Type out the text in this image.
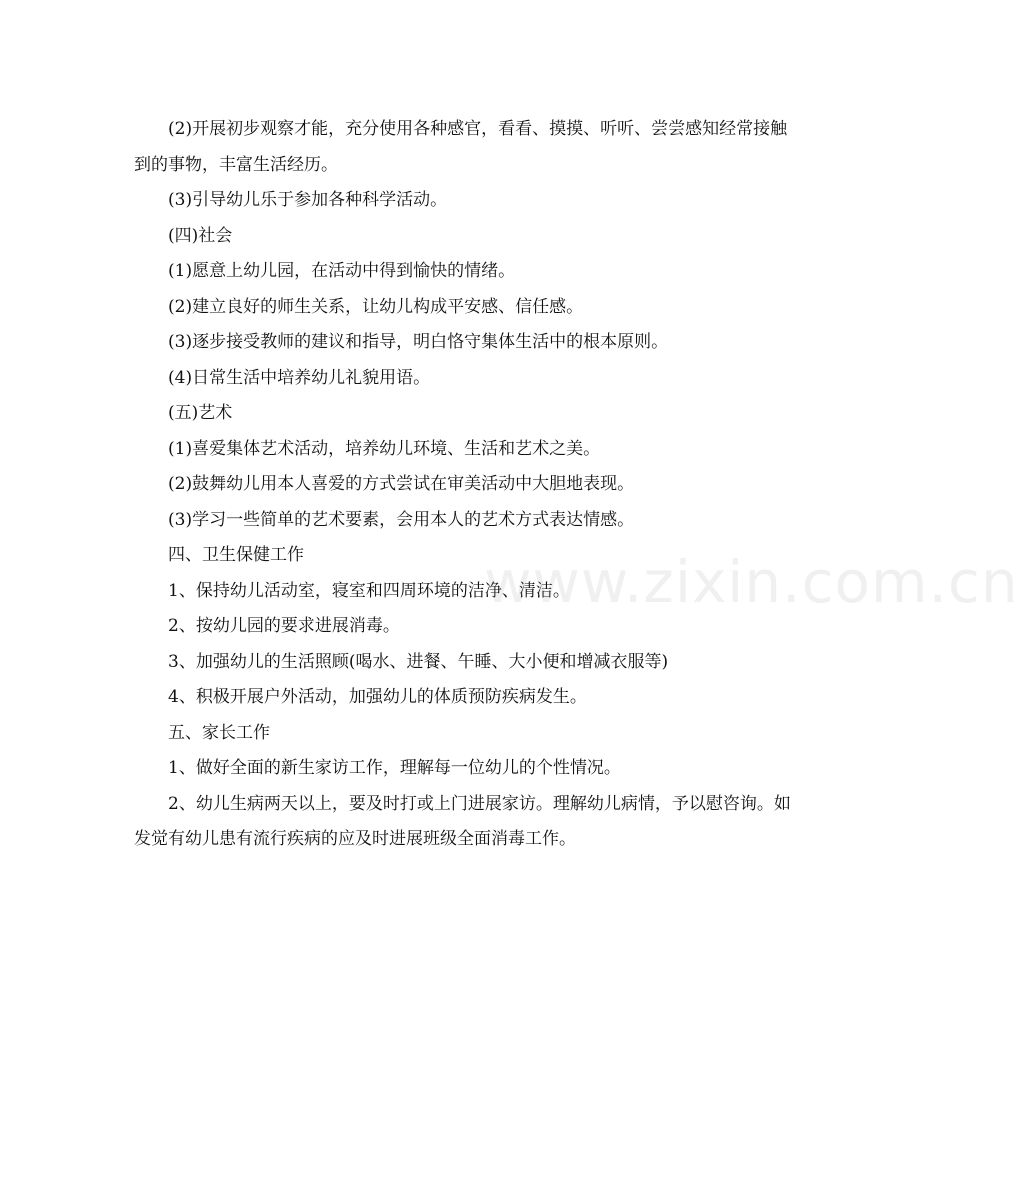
(2)开展初步观察才能，充分使用各种感官，看看、摸摸、听听、尝尝感知经常接触到的事物，丰富生活经历。

(3)引导幼儿乐于参加各种科学活动。

(四)社会

(1)愿意上幼儿园，在活动中得到愉快的情绪。

(2)建立良好的师生关系，让幼儿构成平安感、信任感。

(3)逐步接受教师的建议和指导，明白恪守集体生活中的根本原则。

(4)日常生活中培养幼儿礼貌用语。

(五)艺术

(1)喜爱集体艺术活动，培养幼儿环境、生活和艺术之美。

(2)鼓舞幼儿用本人喜爱的方式尝试在审美活动中大胆地表现。

(3)学习一些简单的艺术要素，会用本人的艺术方式表达情感。

四、卫生保健工作

1、保持幼儿活动室，寝室和四周环境的洁净、清洁。

2、按幼儿园的要求进展消毒。

3、加强幼儿的生活照顾(喝水、进餐、午睡、大小便和增减衣服等)

4、积极开展户外活动，加强幼儿的体质预防疾病发生。

五、家长工作

1、做好全面的新生家访工作，理解每一位幼儿的个性情况。

2、幼儿生病两天以上，要及时打或上门进展家访。理解幼儿病情，予以慰咨询。如发觉有幼儿患有流行疾病的应及时进展班级全面消毒工作。

www.zixin.com.cn
